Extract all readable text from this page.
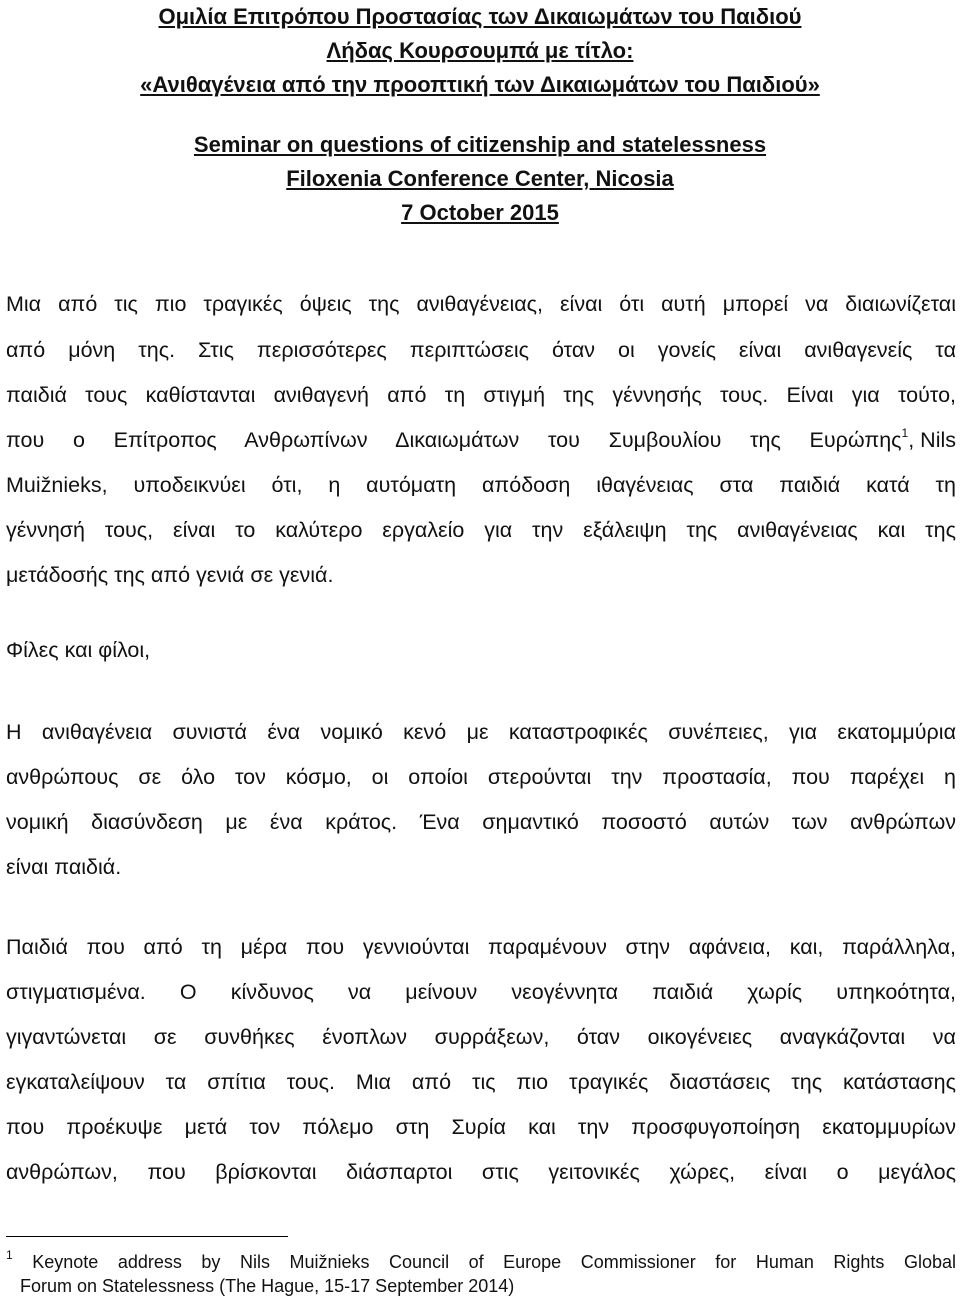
Ομιλία Επιτρόπου Προστασίας των Δικαιωμάτων του Παιδιού
Λήδας Κουρσουμπά με τίτλο:
«Ανιθαγένεια από την προοπτική των Δικαιωμάτων του Παιδιού»
Seminar on questions of citizenship and statelessness
Filoxenia Conference Center, Nicosia
7 October 2015
Μια από τις πιο τραγικές όψεις της ανιθαγένειας, είναι ότι αυτή μπορεί να διαιωνίζεται
από μόνη της. Στις περισσότερες περιπτώσεις όταν οι γονείς είναι ανιθαγενείς τα
παιδιά τους καθίστανται ανιθαγενή από τη στιγμή της γέννησής τους. Είναι για τούτο,
που ο Επίτροπος Ανθρωπίνων Δικαιωμάτων του Συμβουλίου της Ευρώπης$^1$, Nils
Muižnieks, υποδεικνύει ότι, η αυτόματη απόδοση ιθαγένειας στα παιδιά κατά τη
γέννησή τους, είναι το καλύτερο εργαλείο για την εξάλειψη της ανιθαγένειας και της
μετάδοσής της από γενιά σε γενιά.
Φίλες και φίλοι,
Η ανιθαγένεια συνιστά ένα νομικό κενό με καταστροφικές συνέπειες, για εκατομμύρια
ανθρώπους σε όλο τον κόσμο, οι οποίοι στερούνται την προστασία, που παρέχει η
νομική διασύνδεση με ένα κράτος. Ένα σημαντικό ποσοστό αυτών των ανθρώπων
είναι παιδιά.
Παιδιά που από τη μέρα που γεννιούνται παραμένουν στην αφάνεια, και, παράλληλα,
στιγματισμένα. Ο κίνδυνος να μείνουν νεογέννητα παιδιά χωρίς υπηκοότητα,
γιγαντώνεται σε συνθήκες ένοπλων συρράξεων, όταν οικογένειες αναγκάζονται να
εγκαταλείψουν τα σπίτια τους. Μια από τις πιο τραγικές διαστάσεις της κατάστασης
που προέκυψε μετά τον πόλεμο στη Συρία και την προσφυγοποίηση εκατομμυρίων
ανθρώπων, που βρίσκονται διάσπαρτοι στις γειτονικές χώρες, είναι ο μεγάλος
$^1$ Keynote address by Nils Muižnieks Council of Europe Commissioner for Human Rights Global
Forum on Statelessness (The Hague, 15-17 September 2014)
